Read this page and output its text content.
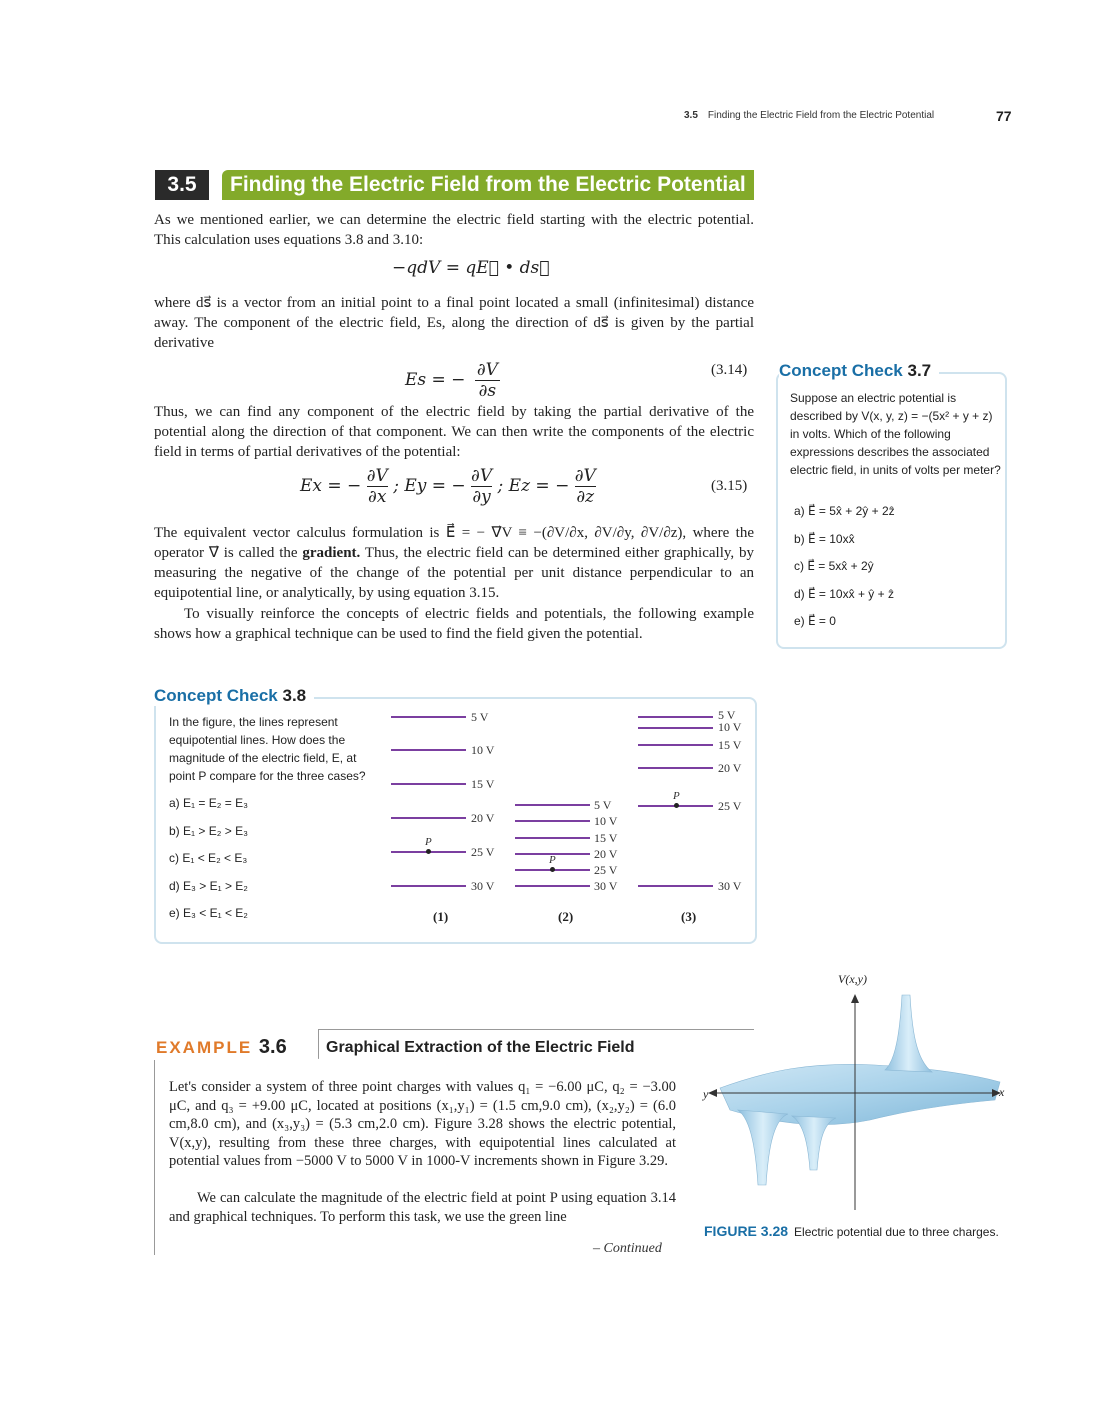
3.5 Finding the Electric Field from the Electric Potential	77
3.5	Finding the Electric Field from the Electric Potential
As we mentioned earlier, we can determine the electric field starting with the electric potential. This calculation uses equations 3.8 and 3.10:
−qdV = qE⃗ • ds⃗
where ds⃗ is a vector from an initial point to a final point located a small (infinitesimal) distance away. The component of the electric field, Es, along the direction of ds⃗ is given by the partial derivative
Es = − $\frac{\partial V}{\partial s}$	(3.14)
Thus, we can find any component of the electric field by taking the partial derivative of the potential along the direction of that component. We can then write the components of the electric field in terms of partial derivatives of the potential:
Ex = − $\frac{\partial V}{\partial x}$ ; Ey = − $\frac{\partial V}{\partial y}$ ; Ez = − $\frac{\partial V}{\partial z}$	(3.15)
The equivalent vector calculus formulation is E⃗ = − ∇⃗V ≡ −(∂V/∂x, ∂V/∂y, ∂V/∂z), where the operator ∇⃗ is called the gradient. Thus, the electric field can be determined either graphically, by measuring the negative of the change of the potential per unit distance perpendicular to an equipotential line, or analytically, by using equation 3.15.
To visually reinforce the concepts of electric fields and potentials, the following example shows how a graphical technique can be used to find the field given the potential.
Concept Check 3.7
Suppose an electric potential is described by V(x, y, z) = −(5x² + y + z) in volts. Which of the following expressions describes the associated electric field, in units of volts per meter?
a) E⃗ = 5x̂ + 2ŷ + 2ẑ
b) E⃗ = 10xx̂
c) E⃗ = 5xx̂ + 2ŷ
d) E⃗ = 10xx̂ + ŷ + ẑ
e) E⃗ = 0
Concept Check 3.8
In the figure, the lines represent equipotential lines. How does the magnitude of the electric field, E, at point P compare for the three cases?
a) E₁ = E₂ = E₃
b) E₁ > E₂ > E₃
c) E₁ < E₂ < E₃
d) E₃ > E₁ > E₂
e) E₃ < E₁ < E₂
5 V
10 V
15 V
20 V
25 V
30 V
P
(1)
5 V
10 V
15 V
20 V
25 V
30 V
P
(2)
5 V
10 V
15 V
20 V
25 V
30 V
P
(3)
EXAMPLE 3.6 Graphical Extraction of the Electric Field
Let's consider a system of three point charges with values q₁ = −6.00 μC, q₂ = −3.00 μC, and q₃ = +9.00 μC, located at positions (x₁,y₁) = (1.5 cm,9.0 cm), (x₂,y₂) = (6.0 cm,8.0 cm), and (x₃,y₃) = (5.3 cm,2.0 cm). Figure 3.28 shows the electric potential, V(x,y), resulting from these three charges, with equipotential lines calculated at potential values from −5000 V to 5000 V in 1000-V increments shown in Figure 3.29.
We can calculate the magnitude of the electric field at point P using equation 3.14 and graphical techniques. To perform this task, we use the green line
– Continued
V(x,y)
x
y
FIGURE 3.28 Electric potential due to three charges.
